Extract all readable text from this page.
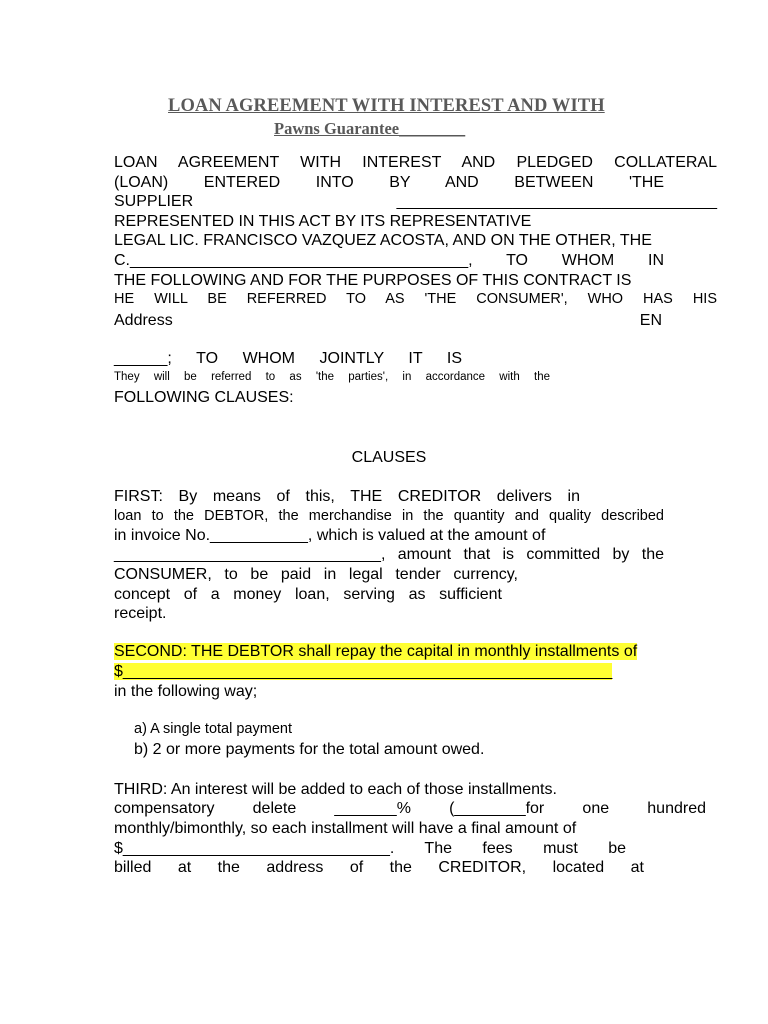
LOAN AGREEMENT WITH INTEREST AND WITH
Pawns Guarantee________
LOAN AGREEMENT WITH INTEREST AND PLEDGED COLLATERAL
(LOAN) ENTERED INTO BY AND BETWEEN 'THE
SUPPLIER ____________________________________
REPRESENTED IN THIS ACT BY ITS REPRESENTATIVE
LEGAL LIC. FRANCISCO VAZQUEZ ACOSTA, AND ON THE OTHER, THE
C.______________________________________, TO WHOM IN
THE FOLLOWING AND FOR THE PURPOSES OF THIS CONTRACT IS
HE WILL BE REFERRED TO AS 'THE CONSUMER', WHO HAS HIS
Address EN
______; TO WHOM JOINTLY IT IS
They will be referred to as 'the parties', in accordance with the
FOLLOWING CLAUSES:
CLAUSES
FIRST: By means of this, THE CREDITOR delivers in
loan to the DEBTOR, the merchandise in the quantity and quality described
in invoice No.___________, which is valued at the amount of
______________________________, amount that is committed by the
CONSUMER, to be paid in legal tender currency,
concept of a money loan, serving as sufficient
receipt.
SECOND: THE DEBTOR shall repay the capital in monthly installments of
$_______________________________________________________
in the following way;
a) A single total payment
b) 2 or more payments for the total amount owed.
THIRD: An interest will be added to each of those installments.
compensatory delete _______% (________for one hundred
monthly/bimonthly, so each installment will have a final amount of
$______________________________. The fees must be
billed at the address of the CREDITOR, located at
